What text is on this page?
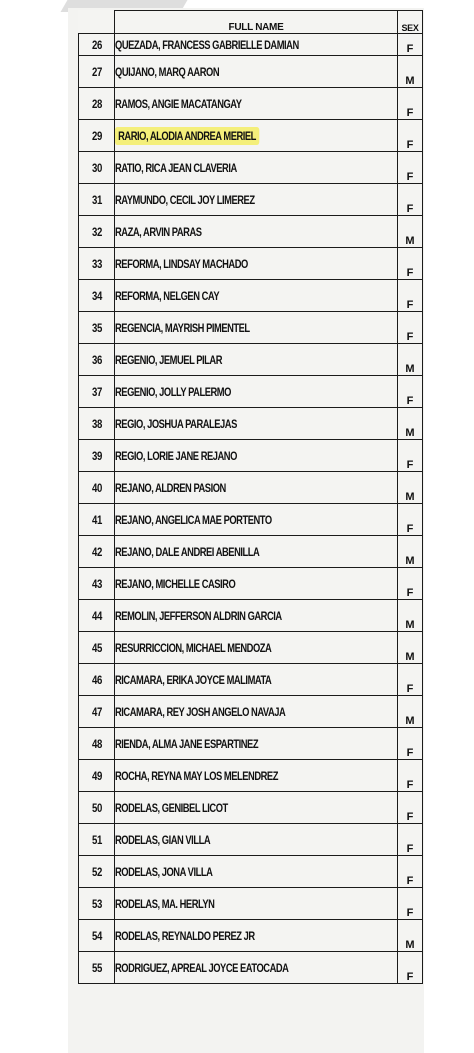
	FULL NAME	SEX
26	QUEZADA, FRANCESS GABRIELLE DAMIAN	F
27	QUIJANO, MARQ AARON	M
28	RAMOS, ANGIE MACATANGAY	F
29	RARIO, ALODIA ANDREA MERIEL	F
30	RATIO, RICA JEAN CLAVERIA	F
31	RAYMUNDO, CECIL JOY LIMEREZ	F
32	RAZA, ARVIN PARAS	M
33	REFORMA, LINDSAY MACHADO	F
34	REFORMA, NELGEN CAY	F
35	REGENCIA, MAYRISH PIMENTEL	F
36	REGENIO, JEMUEL PILAR	M
37	REGENIO, JOLLY PALERMO	F
38	REGIO, JOSHUA PARALEJAS	M
39	REGIO, LORIE JANE REJANO	F
40	REJANO, ALDREN PASION	M
41	REJANO, ANGELICA MAE PORTENTO	F
42	REJANO, DALE ANDREI ABENILLA	M
43	REJANO, MICHELLE CASIRO	F
44	REMOLIN, JEFFERSON ALDRIN GARCIA	M
45	RESURRICCION, MICHAEL MENDOZA	M
46	RICAMARA, ERIKA JOYCE MALIMATA	F
47	RICAMARA, REY JOSH ANGELO NAVAJA	M
48	RIENDA, ALMA JANE ESPARTINEZ	F
49	ROCHA, REYNA MAY LOS MELENDREZ	F
50	RODELAS, GENIBEL LICOT	F
51	RODELAS, GIAN VILLA	F
52	RODELAS, JONA VILLA	F
53	RODELAS, MA. HERLYN	F
54	RODELAS, REYNALDO PEREZ JR	M
55	RODRIGUEZ, APREAL JOYCE EATOCADA	F
